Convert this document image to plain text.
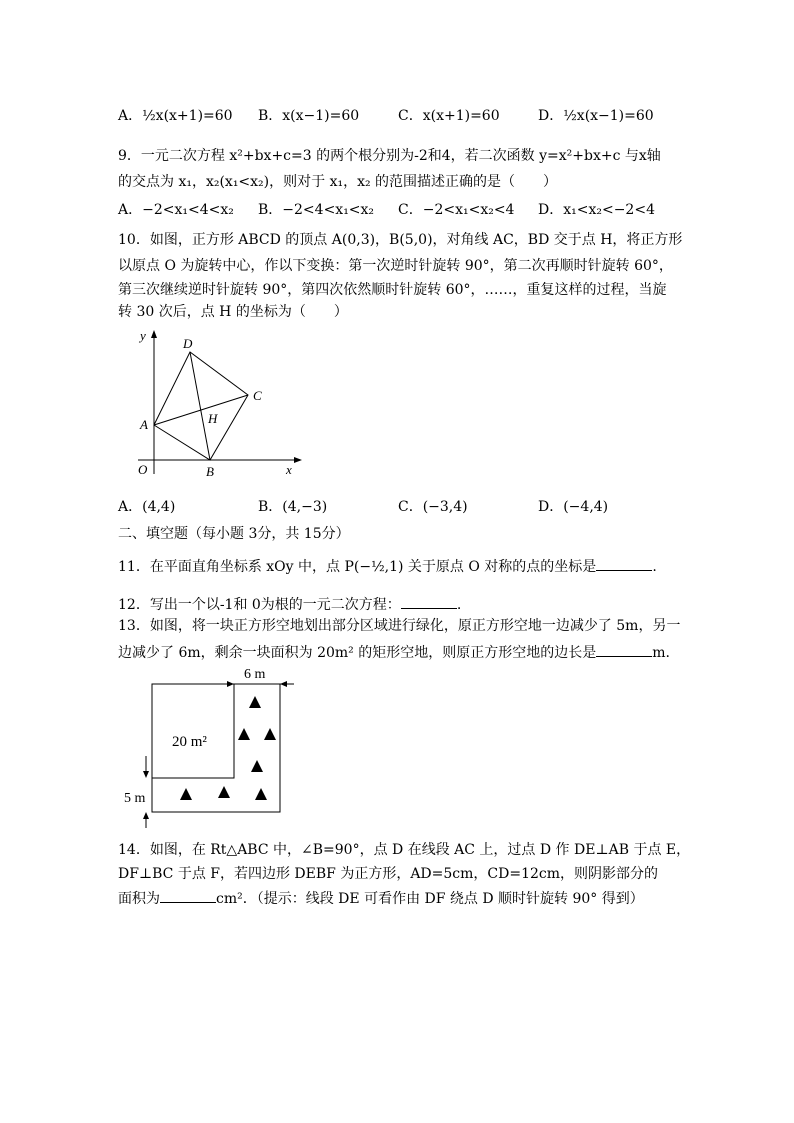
A．½x(x+1)=60 B．x(x−1)=60	C．x(x+1)=60	D．½x(x−1)=60
9．一元二次方程 x²+bx+c=3 的两个根分别为-2和4，若二次函数 y=x²+bx+c 与x轴
的交点为 x₁，x₂(x₁<x₂)，则对于 x₁，x₂ 的范围描述正确的是（　　）
A．−2<x₁<4<x₂ B．−2<4<x₁<x₂ C．−2<x₁<x₂<4 D．x₁<x₂<−2<4
10．如图，正方形 ABCD 的顶点 A(0,3)，B(5,0)，对角线 AC，BD 交于点 H，将正方形
以原点 O 为旋转中心，作以下变换：第一次逆时针旋转 90°，第二次再顺时针旋转 60°，
第三次继续逆时针旋转 90°，第四次依然顺时针旋转 60°，……，重复这样的过程，当旋
转 30 次后，点 H 的坐标为（　　）
y
x
O
A
B
C
D
H
A．(4,4)	B．(4,−3)	C．(−3,4)	D．(−4,4)
二、填空题（每小题 3分，共 15分）
11．在平面直角坐标系 xOy 中，点 P(−½,1) 关于原点 O 对称的点的坐标是	.
12．写出一个以-1和 0为根的一元二次方程：	.
13．如图，将一块正方形空地划出部分区域进行绿化，原正方形空地一边减少了 5m，另一
边减少了 6m，剩余一块面积为 20m² 的矩形空地，则原正方形空地的边长是	m.
6 m
20 m²
5 m
14．如图，在 Rt△ABC 中，∠B=90°，点 D 在线段 AC 上，过点 D 作 DE⊥AB 于点 E，
DF⊥BC 于点 F，若四边形 DEBF 为正方形，AD=5cm，CD=12cm，则阴影部分的
面积为	cm²．（提示：线段 DE 可看作由 DF 绕点 D 顺时针旋转 90° 得到）
